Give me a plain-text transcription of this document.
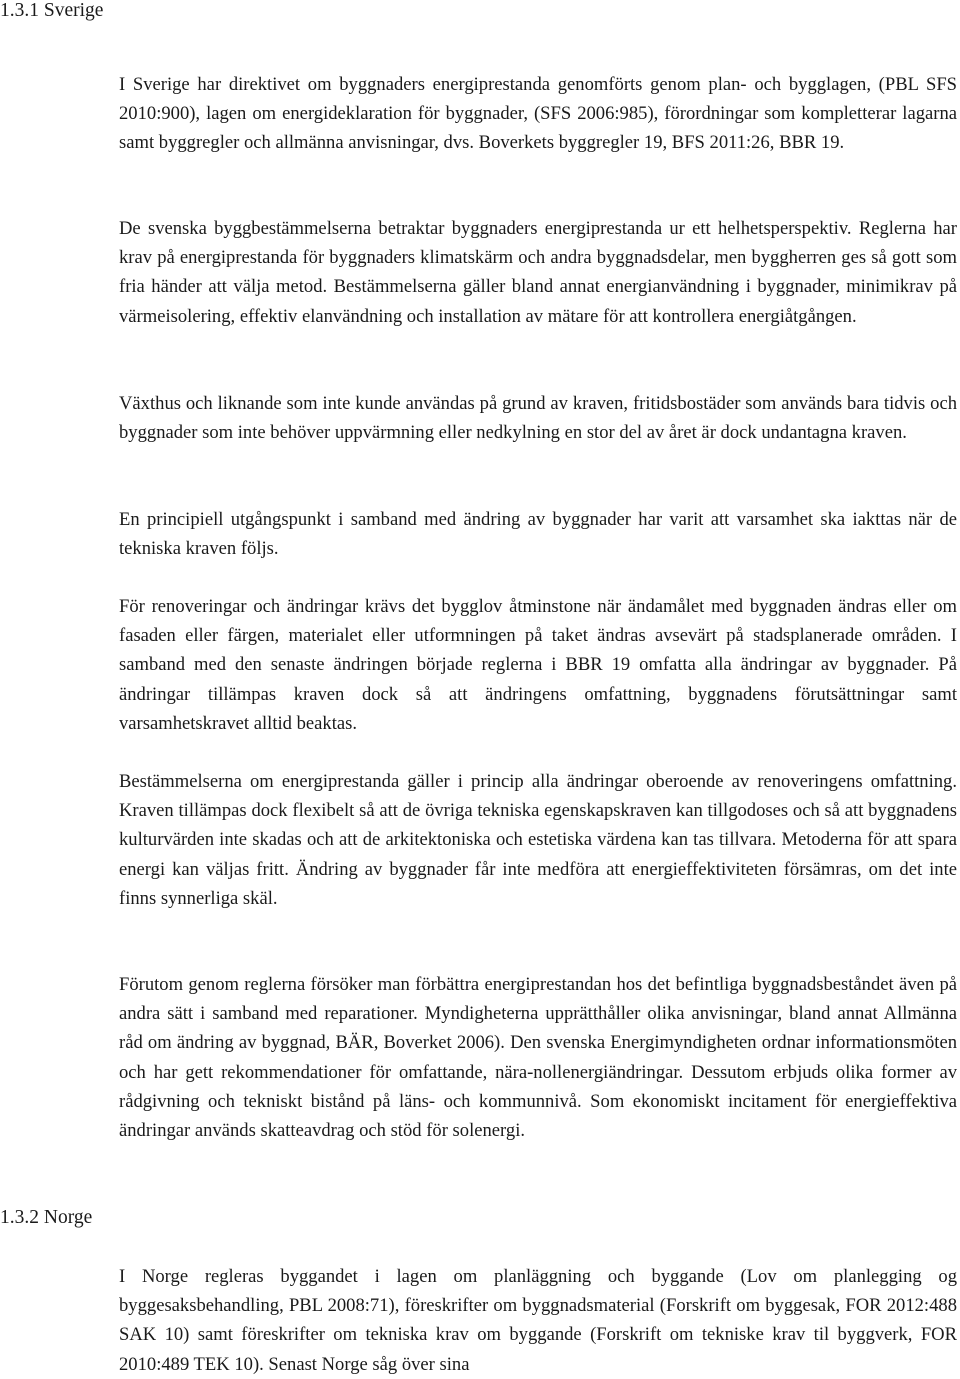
1.3.1 Sverige

I Sverige har direktivet om byggnaders energiprestanda genomförts genom plan- och bygglagen, (PBL SFS 2010:900), lagen om energideklaration för byggnader, (SFS 2006:985), förordningar som kompletterar lagarna samt byggregler och allmänna anvisningar, dvs. Boverkets byggregler 19, BFS 2011:26, BBR 19.

De svenska byggbestämmelserna betraktar byggnaders energiprestanda ur ett helhetsperspektiv. Reglerna har krav på energiprestanda för byggnaders klimatskärm och andra byggnadsdelar, men byggherren ges så gott som fria händer att välja metod. Bestämmelserna gäller bland annat energianvändning i byggnader, minimikrav på värmeisolering, effektiv elanvändning och installation av mätare för att kontrollera energiåtgången.

Växthus och liknande som inte kunde användas på grund av kraven, fritidsbostäder som används bara tidvis och byggnader som inte behöver uppvärmning eller nedkylning en stor del av året är dock undantagna kraven.

En principiell utgångspunkt i samband med ändring av byggnader har varit att varsamhet ska iakttas när de tekniska kraven följs.

För renoveringar och ändringar krävs det bygglov åtminstone när ändamålet med byggnaden ändras eller om fasaden eller färgen, materialet eller utformningen på taket ändras avsevärt på stadsplanerade områden. I samband med den senaste ändringen började reglerna i BBR 19 omfatta alla ändringar av byggnader. På ändringar tillämpas kraven dock så att ändringens omfattning, byggnadens förutsättningar samt varsamhetskravet alltid beaktas.

Bestämmelserna om energiprestanda gäller i princip alla ändringar oberoende av renoveringens omfattning. Kraven tillämpas dock flexibelt så att de övriga tekniska egenskapskraven kan tillgodoses och så att byggnadens kulturvärden inte skadas och att de arkitektoniska och estetiska värdena kan tas tillvara. Metoderna för att spara energi kan väljas fritt. Ändring av byggnader får inte medföra att energieffektiviteten försämras, om det inte finns synnerliga skäl.

Förutom genom reglerna försöker man förbättra energiprestandan hos det befintliga byggnadsbeståndet även på andra sätt i samband med reparationer. Myndigheterna upprätthåller olika anvisningar, bland annat Allmänna råd om ändring av byggnad, BÄR, Boverket 2006). Den svenska Energimyndigheten ordnar informationsmöten och har gett rekommendationer för omfattande, nära-nollenergiändringar. Dessutom erbjuds olika former av rådgivning och tekniskt bistånd på läns- och kommunnivå. Som ekonomiskt incitament för energieffektiva ändringar används skatteavdrag och stöd för solenergi.

1.3.2 Norge

I Norge regleras byggandet i lagen om planläggning och byggande (Lov om planlegging og byggesaksbehandling, PBL 2008:71), föreskrifter om byggnadsmaterial (Forskrift om byggesak, FOR 2012:488 SAK 10) samt föreskrifter om tekniska krav om byggande (Forskrift om tekniske krav til byggverk, FOR 2010:489 TEK 10). Senast Norge såg över sina
